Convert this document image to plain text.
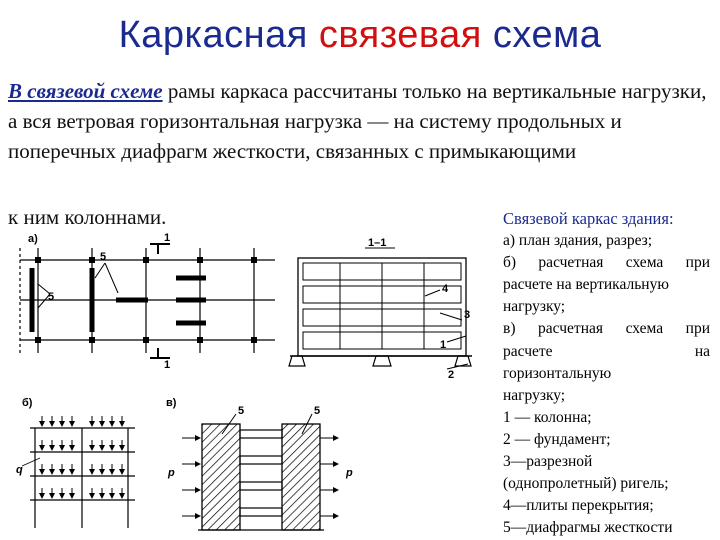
Каркасная связевая схема
В связевой схеме рамы каркаса рассчитаны только на вертикальные нагрузки, а вся ветровая горизонтальная нагрузка — на систему продольных и поперечных диафрагм жесткости, связанных с примыкающими
к ним колоннами.	Связевой каркас здания:
а) план здания, разрез;
б) расчетная схема при
расчете на вертикальную
нагрузку;
в) расчетная схема при
расчете на
горизонтальную
нагрузку;
1 — колонна;
2 — фундамент;
3—разрезной
(однопролетный) ригель;
4—плиты перекрытия;
5—диафрагмы жесткости
а)
5
5
1
1
1–1
4
3
1
2
б)
q
в)
p	p
5	5
